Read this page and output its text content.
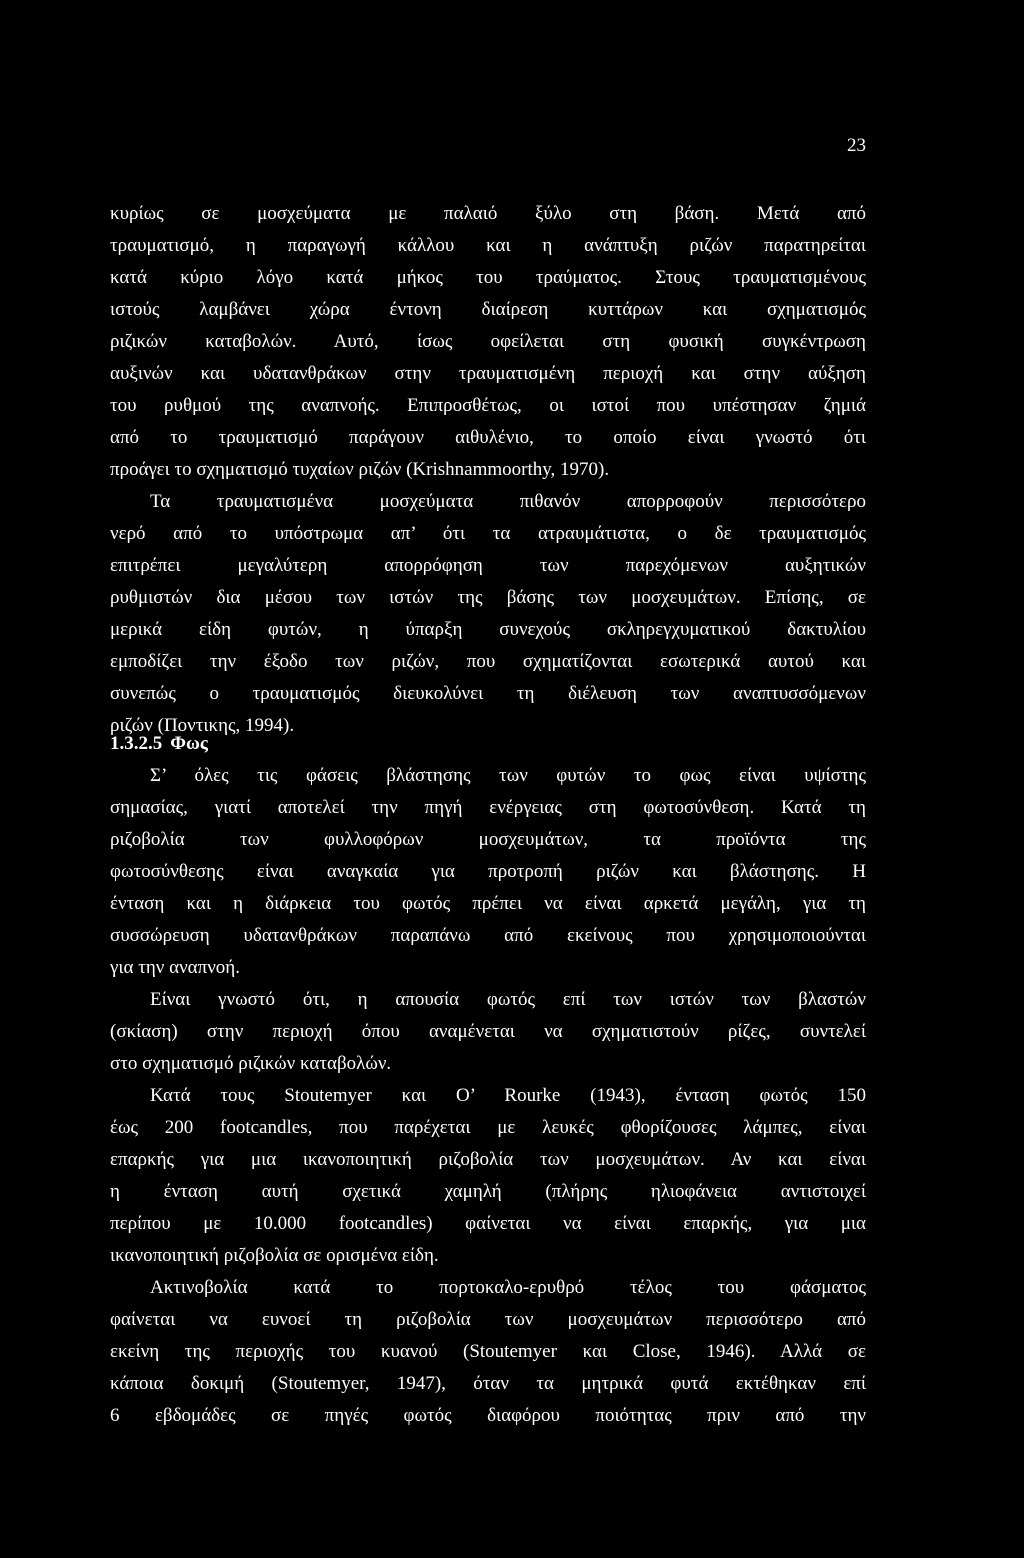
23
κυρίως σε μοσχεύματα με παλαιό ξύλο στη βάση. Μετά από
τραυματισμό, η παραγωγή κάλλου και η ανάπτυξη ριζών παρατηρείται
κατά κύριο λόγο κατά μήκος του τραύματος. Στους τραυματισμένους
ιστούς λαμβάνει χώρα έντονη διαίρεση κυττάρων και σχηματισμός
ριζικών καταβολών. Αυτό, ίσως οφείλεται στη φυσική συγκέντρωση
αυξινών και υδατανθράκων στην τραυματισμένη περιοχή και στην αύξηση
του ρυθμού της αναπνοής. Επιπροσθέτως, οι ιστοί που υπέστησαν ζημιά
από το τραυματισμό παράγουν αιθυλένιο, το οποίο είναι γνωστό ότι
προάγει το σχηματισμό τυχαίων ριζών (Krishnammoorthy, 1970).
Τα τραυματισμένα μοσχεύματα πιθανόν απορροφούν περισσότερο
νερό από το υπόστρωμα απ’ ότι τα ατραυμάτιστα, ο δε τραυματισμός
επιτρέπει μεγαλύτερη απορρόφηση των παρεχόμενων αυξητικών
ρυθμιστών δια μέσου των ιστών της βάσης των μοσχευμάτων. Επίσης, σε
μερικά είδη φυτών, η ύπαρξη συνεχούς σκληρεγχυματικού δακτυλίου
εμποδίζει την έξοδο των ριζών, που σχηματίζονται εσωτερικά αυτού και
συνεπώς ο τραυματισμός διευκολύνει τη διέλευση των αναπτυσσόμενων
ριζών (Ποντικης, 1994).
1.3.2.5 Φως
Σ’ όλες τις φάσεις βλάστησης των φυτών το φως είναι υψίστης
σημασίας, γιατί αποτελεί την πηγή ενέργειας στη φωτοσύνθεση. Κατά τη
ριζοβολία των φυλλοφόρων μοσχευμάτων, τα προϊόντα της
φωτοσύνθεσης είναι αναγκαία για προτροπή ριζών και βλάστησης. Η
ένταση και η διάρκεια του φωτός πρέπει να είναι αρκετά μεγάλη, για τη
συσσώρευση υδατανθράκων παραπάνω από εκείνους που χρησιμοποιούνται
για την αναπνοή.
Είναι γνωστό ότι, η απουσία φωτός επί των ιστών των βλαστών
(σκίαση) στην περιοχή όπου αναμένεται να σχηματιστούν ρίζες, συντελεί
στο σχηματισμό ριζικών καταβολών.
Κατά τους Stoutemyer και O’ Rourke (1943), ένταση φωτός 150
έως 200 footcandles, που παρέχεται με λευκές φθορίζουσες λάμπες, είναι
επαρκής για μια ικανοποιητική ριζοβολία των μοσχευμάτων. Αν και είναι
η ένταση αυτή σχετικά χαμηλή (πλήρης ηλιοφάνεια αντιστοιχεί
περίπου με 10.000 footcandles) φαίνεται να είναι επαρκής, για μια
ικανοποιητική ριζοβολία σε ορισμένα είδη.
Ακτινοβολία κατά το πορτοκαλο-ερυθρό τέλος του φάσματος
φαίνεται να ευνοεί τη ριζοβολία των μοσχευμάτων περισσότερο από
εκείνη της περιοχής του κυανού (Stoutemyer και Close, 1946). Αλλά σε
κάποια δοκιμή (Stoutemyer, 1947), όταν τα μητρικά φυτά εκτέθηκαν επί
6 εβδομάδες σε πηγές φωτός διαφόρου ποιότητας πριν από την
